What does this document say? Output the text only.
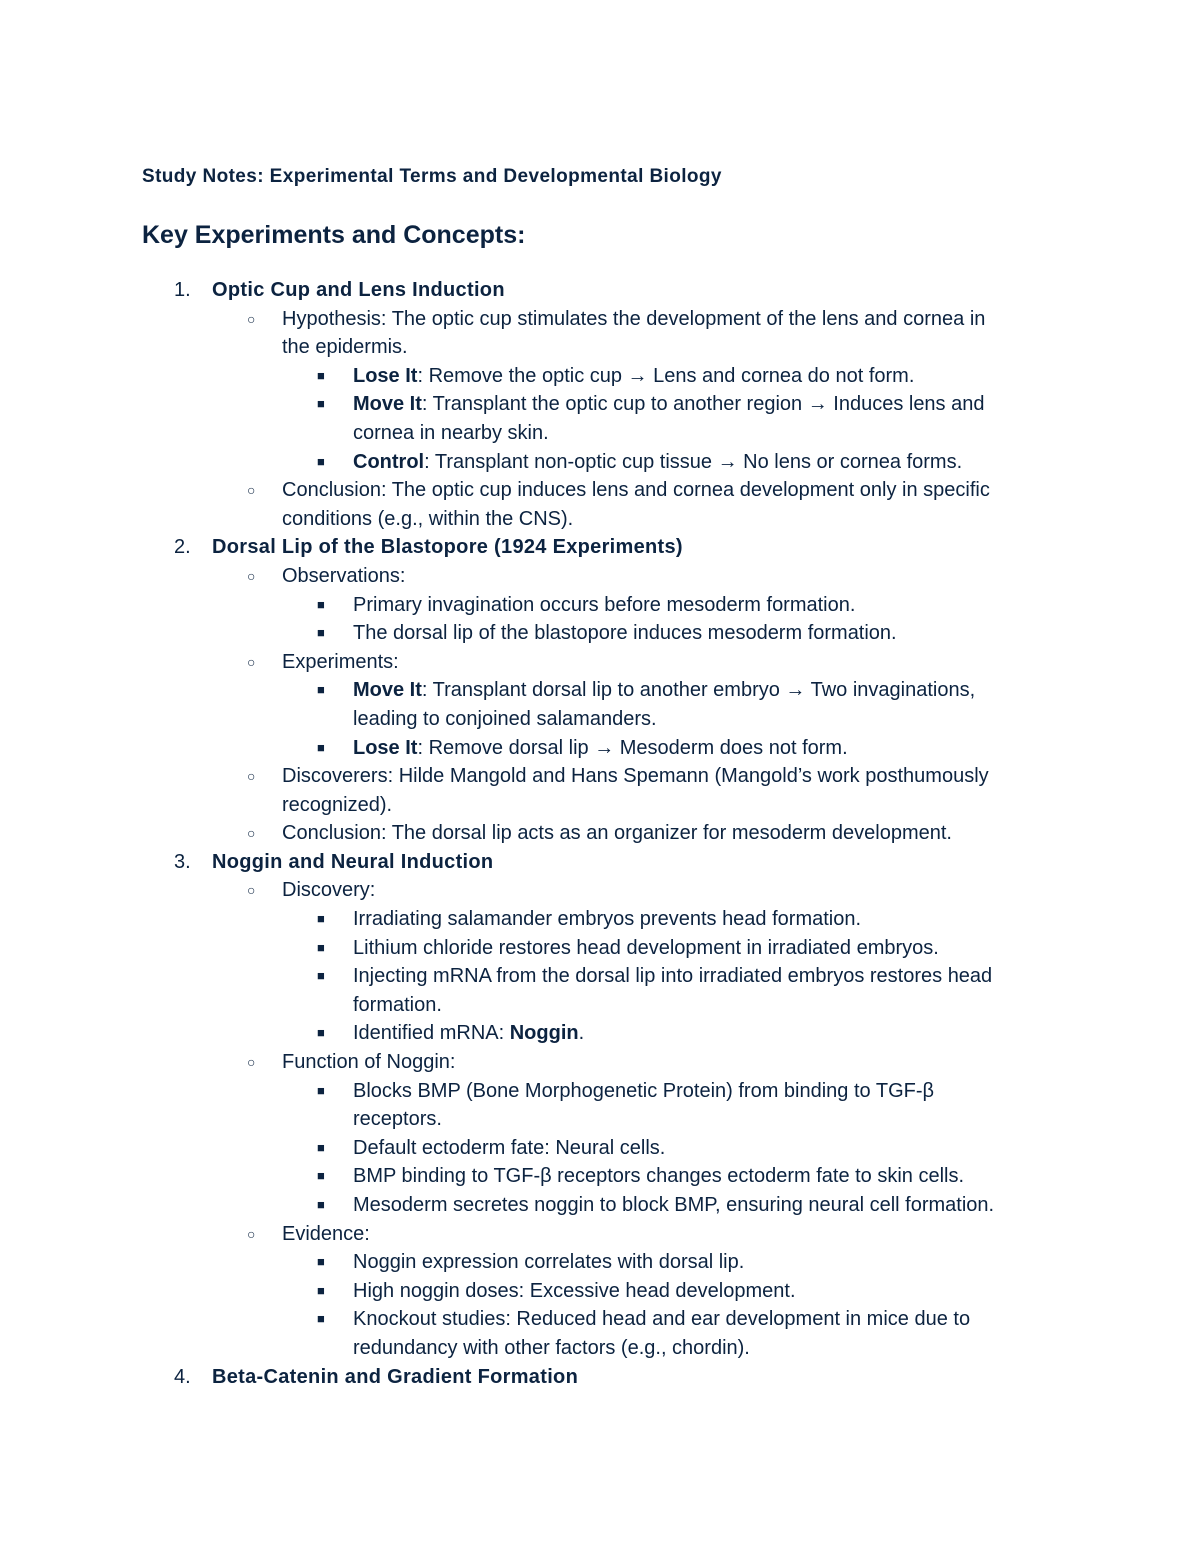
Study Notes: Experimental Terms and Developmental Biology
Key Experiments and Concepts:
1. Optic Cup and Lens Induction
○ Hypothesis: The optic cup stimulates the development of the lens and cornea in
the epidermis.
■ Lose It: Remove the optic cup → Lens and cornea do not form.
■ Move It: Transplant the optic cup to another region → Induces lens and
cornea in nearby skin.
■ Control: Transplant non-optic cup tissue → No lens or cornea forms.
○ Conclusion: The optic cup induces lens and cornea development only in specific
conditions (e.g., within the CNS).
2. Dorsal Lip of the Blastopore (1924 Experiments)
○ Observations:
■ Primary invagination occurs before mesoderm formation.
■ The dorsal lip of the blastopore induces mesoderm formation.
○ Experiments:
■ Move It: Transplant dorsal lip to another embryo → Two invaginations,
leading to conjoined salamanders.
■ Lose It: Remove dorsal lip → Mesoderm does not form.
○ Discoverers: Hilde Mangold and Hans Spemann (Mangold’s work posthumously
recognized).
○ Conclusion: The dorsal lip acts as an organizer for mesoderm development.
3. Noggin and Neural Induction
○ Discovery:
■ Irradiating salamander embryos prevents head formation.
■ Lithium chloride restores head development in irradiated embryos.
■ Injecting mRNA from the dorsal lip into irradiated embryos restores head
formation.
■ Identified mRNA: Noggin.
○ Function of Noggin:
■ Blocks BMP (Bone Morphogenetic Protein) from binding to TGF-β
receptors.
■ Default ectoderm fate: Neural cells.
■ BMP binding to TGF-β receptors changes ectoderm fate to skin cells.
■ Mesoderm secretes noggin to block BMP, ensuring neural cell formation.
○ Evidence:
■ Noggin expression correlates with dorsal lip.
■ High noggin doses: Excessive head development.
■ Knockout studies: Reduced head and ear development in mice due to
redundancy with other factors (e.g., chordin).
4. Beta-Catenin and Gradient Formation
